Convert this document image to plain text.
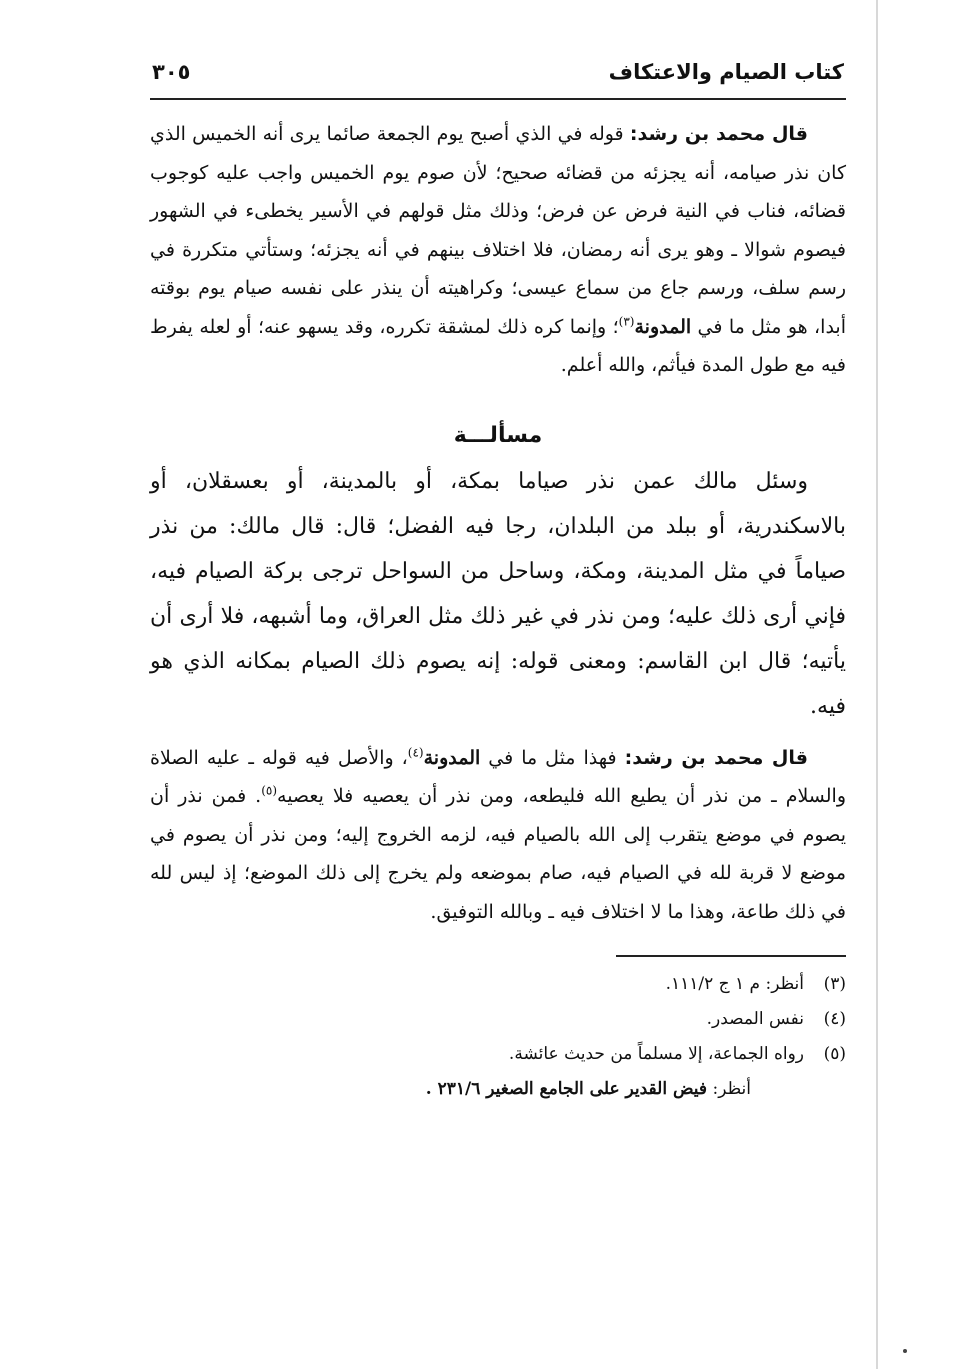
كتاب الصيام والاعتكاف
٣٠٥

قال محمد بن رشد: قوله في الذي أصبح يوم الجمعة صائما يرى أنه الخميس الذي كان نذر صيامه، أنه يجزئه من قضائه صحيح؛ لأن صوم يوم الخميس واجب عليه كوجوب قضائه، فناب في النية فرض عن فرض؛ وذلك مثل قولهم في الأسير يخطىء في الشهور فيصوم شوالا ـ وهو يرى أنه رمضان، فلا اختلاف بينهم في أنه يجزئه؛ وستأتي متكررة في رسم سلف، ورسم جاع من سماع عيسى؛ وكراهيته أن ينذر على نفسه صيام يوم بوقته أبدا، هو مثل ما في المدونة$^{(٣)}$؛ وإنما كره ذلك لمشقة تكرره، وقد يسهو عنه؛ أو لعله يفرط فيه مع طول المدة فيأثم، والله أعلم.

مسألـــة

وسئل مالك عمن نذر صياما بمكة، أو بالمدينة، أو بعسقلان، أو بالاسكندرية، أو ببلد من البلدان، رجا فيه الفضل؛ قال: قال مالك: من نذر صياماً في مثل المدينة، ومكة، وساحل من السواحل ترجى بركة الصيام فيه، فإني أرى ذلك عليه؛ ومن نذر في غير ذلك مثل العراق، وما أشبهه، فلا أرى أن يأتيه؛ قال ابن القاسم: ومعنى قوله: إنه يصوم ذلك الصيام بمكانه الذي هو فيه.

قال محمد بن رشد: فهذا مثل ما في المدونة$^{(٤)}$، والأصل فيه قوله ـ عليه الصلاة والسلام ـ من نذر أن يطيع الله فليطعه، ومن نذر أن يعصيه فلا يعصيه$^{(٥)}$. فمن نذر أن يصوم في موضع يتقرب إلى الله بالصيام فيه، لزمه الخروج إليه؛ ومن نذر أن يصوم في موضع لا قربة لله في الصيام فيه، صام بموضعه ولم يخرج إلى ذلك الموضع؛ إذ ليس لله في ذلك طاعة، وهذا ما لا اختلاف فيه ـ وبالله التوفيق.

(٣)
أنظر: م ١ ج ١١١/٢.
(٤)
نفس المصدر.
(٥)
رواه الجماعة، إلا مسلماً من حديث عائشة.
أنظر: فيض القدير على الجامع الصغير ٢٣١/٦ .
